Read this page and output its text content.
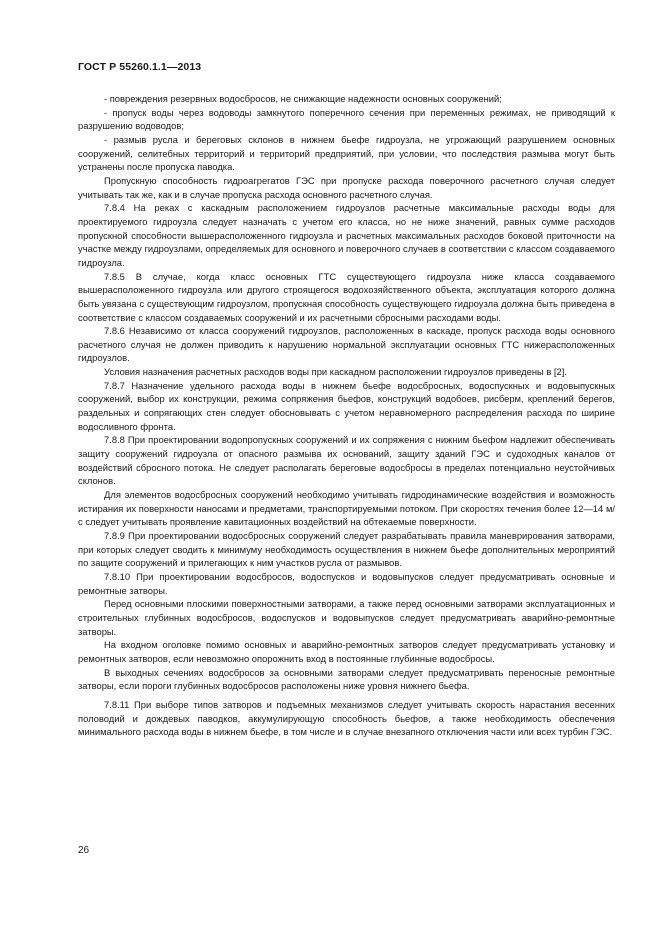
ГОСТ Р 55260.1.1—2013

- повреждения резервных водосбросов, не снижающие надежности основных сооружений;

- пропуск воды через водоводы замкнутого поперечного сечения при переменных режимах, не приводящий к разрушению водоводов;

- размыв русла и береговых склонов в нижнем бьефе гидроузла, не угрожающий разрушением основных сооружений, селитебных территорий и территорий предприятий, при условии, что последствия размыва могут быть устранены после пропуска паводка.

Пропускную способность гидроагрегатов ГЭС при пропуске расхода поверочного расчетного случая следует учитывать так же, как и в случае пропуска расхода основного расчетного случая.

7.8.4 На реках с каскадным расположением гидроузлов расчетные максимальные расходы воды для проектируемого гидроузла следует назначать с учетом его класса, но не ниже значений, равных сумме расходов пропускной способности вышерасположенного гидроузла и расчетных максимальных расходов боковой приточности на участке между гидроузлами, определяемых для основного и поверочного случаев в соответствии с классом создаваемого гидроузла.

7.8.5 В случае, когда класс основных ГТС существующего гидроузла ниже класса создаваемого вышерасположенного гидроузла или другого строящегося водохозяйственного объекта, эксплуатация которого должна быть увязана с существующим гидроузлом, пропускная способность существующего гидроузла должна быть приведена в соответствие с классом создаваемых сооружений и их расчетными сбросными расходами воды.

7.8.6 Независимо от класса сооружений гидроузлов, расположенных в каскаде, пропуск расхода воды основного расчетного случая не должен приводить к нарушению нормальной эксплуатации основных ГТС нижерасположенных гидроузлов.

Условия назначения расчетных расходов воды при каскадном расположении гидроузлов приведены в [2].

7.8.7 Назначение удельного расхода воды в нижнем бьефе водосбросных, водоспускных и водовыпускных сооружений, выбор их конструкции, режима сопряжения бьефов, конструкций водобоев, рисберм, креплений берегов, раздельных и сопрягающих стен следует обосновывать с учетом неравномерного распределения расхода по ширине водосливного фронта.

7.8.8 При проектировании водопропускных сооружений и их сопряжения с нижним бьефом надлежит обеспечивать защиту сооружений гидроузла от опасного размыва их оснований, защиту зданий ГЭС и судоходных каналов от воздействий сбросного потока. Не следует располагать береговые водосбросы в пределах потенциально неустойчивых склонов.

Для элементов водосбросных сооружений необходимо учитывать гидродинамические воздействия и возможность истирания их поверхности наносами и предметами, транспортируемыми потоком. При скоростях течения более 12—14 м/с следует учитывать проявление кавитационных воздействий на обтекаемые поверхности.

7.8.9 При проектировании водосбросных сооружений следует разрабатывать правила маневрирования затворами, при которых следует сводить к минимуму необходимость осуществления в нижнем бьефе дополнительных мероприятий по защите сооружений и прилегающих к ним участков русла от размывов.

7.8.10 При проектировании водосбросов, водоспусков и водовыпусков следует предусматривать основные и ремонтные затворы.

Перед основными плоскими поверхностными затворами, а также перед основными затворами эксплуатационных и строительных глубинных водосбросов, водоспусков и водовыпусков следует предусматривать аварийно-ремонтные затворы.

На входном оголовке помимо основных и аварийно-ремонтных затворов следует предусматривать установку и ремонтных затворов, если невозможно опорожнить вход в постоянные глубинные водосбросы.

В выходных сечениях водосбросов за основными затворами следует предусматривать переносные ремонтные затворы, если пороги глубинных водосбросов расположены ниже уровня нижнего бьефа.

7.8.11 При выборе типов затворов и подъемных механизмов следует учитывать скорость нарастания весенних половодий и дождевых паводков, аккумулирующую способность бьефов, а также необходимость обеспечения минимального расхода воды в нижнем бьефе, в том числе и в случае внезапного отключения части или всех турбин ГЭС.

26
